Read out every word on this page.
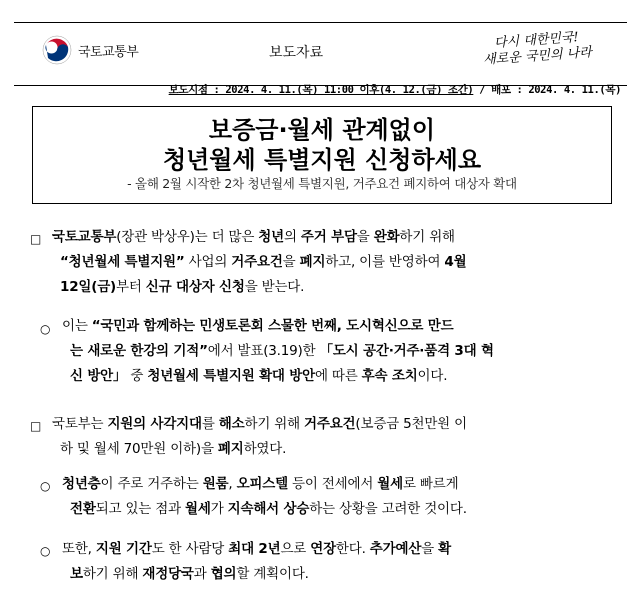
국토교통부	보도자료
다시 대한민국!
새로운 국민의 나라
보도시점 : 2024. 4. 11.(목) 11:00 이후(4. 12.(금) 조간) / 배포 : 2024. 4. 11.(목)
보증금·월세 관계없이
청년월세 특별지원 신청하세요
- 올해 2월 시작한 2차 청년월세 특별지원, 거주요건 폐지하여 대상자 확대
□ 국토교통부(장관 박상우)는 더 많은 청년의 주거 부담을 완화하기 위해
“청년월세 특별지원” 사업의 거주요건을 폐지하고, 이를 반영하여 4월
12일(금)부터 신규 대상자 신청을 받는다.
○ 이는 “국민과 함께하는 민생토론회 스물한 번째, 도시혁신으로 만드
는 새로운 한강의 기적”에서 발표(3.19)한 「도시 공간·거주·품격 3대 혁
신 방안」 중 청년월세 특별지원 확대 방안에 따른 후속 조치이다.
□ 국토부는 지원의 사각지대를 해소하기 위해 거주요건(보증금 5천만원 이
하 및 월세 70만원 이하)을 폐지하였다.
○ 청년층이 주로 거주하는 원룸, 오피스텔 등이 전세에서 월세로 빠르게
전환되고 있는 점과 월세가 지속해서 상승하는 상황을 고려한 것이다.
○ 또한, 지원 기간도 한 사람당 최대 2년으로 연장한다. 추가예산을 확
보하기 위해 재정당국과 협의할 계획이다.
